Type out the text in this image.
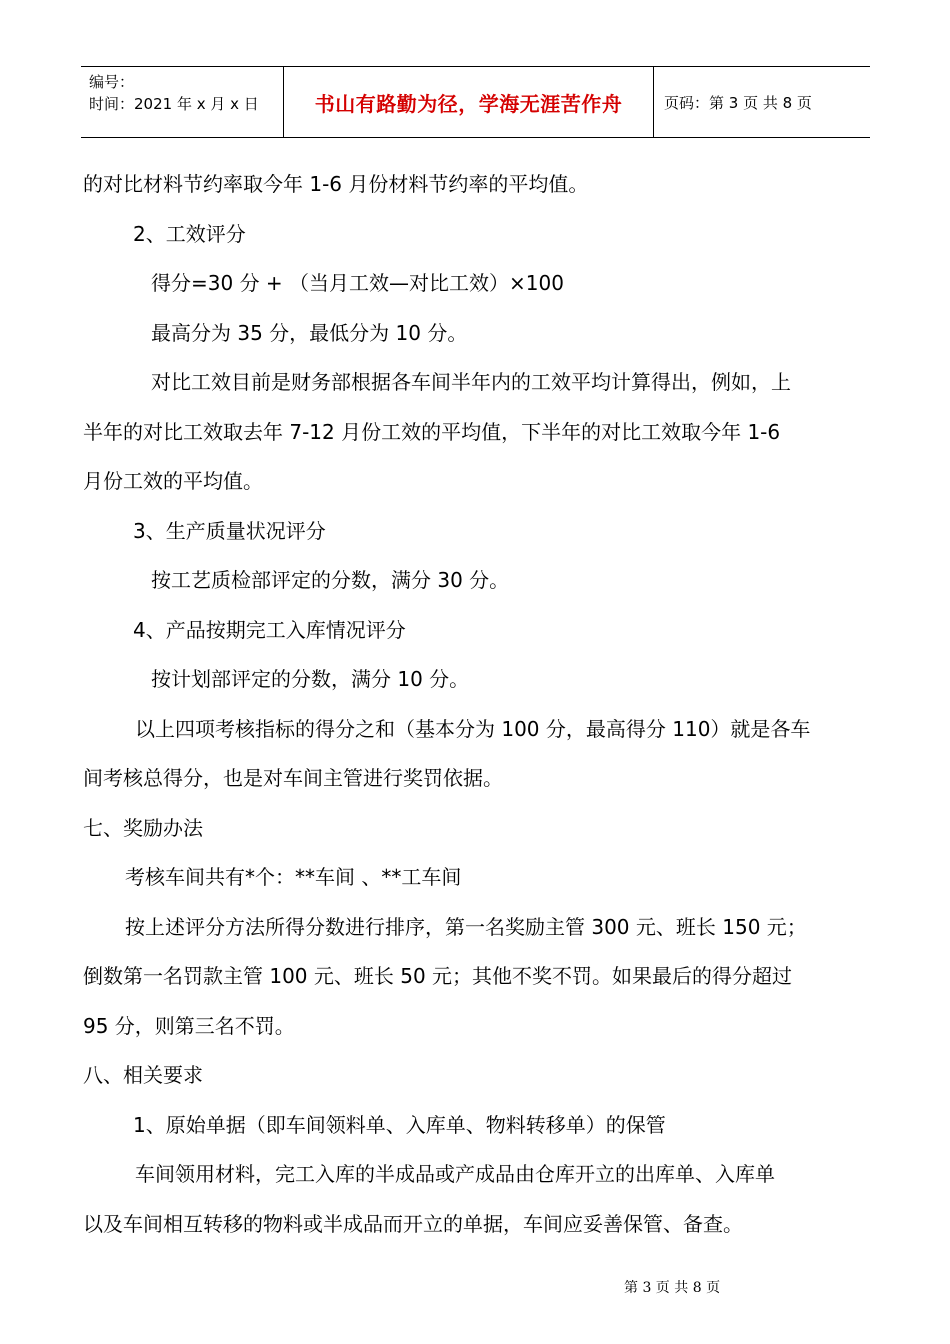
编号：
时间：2021 年 x 月 x 日	书山有路勤为径，学海无涯苦作舟	页码：第 3 页 共 8 页
的对比材料节约率取今年 1-6 月份材料节约率的平均值。
2、工效评分
得分=30 分 + （当月工效—对比工效）×100
最高分为 35 分，最低分为 10 分。
对比工效目前是财务部根据各车间半年内的工效平均计算得出，例如，上
半年的对比工效取去年 7-12 月份工效的平均值，下半年的对比工效取今年 1-6
月份工效的平均值。
3、生产质量状况评分
按工艺质检部评定的分数，满分 30 分。
4、产品按期完工入库情况评分
按计划部评定的分数，满分 10 分。
以上四项考核指标的得分之和（基本分为 100 分，最高得分 110）就是各车
间考核总得分，也是对车间主管进行奖罚依据。
七、奖励办法
考核车间共有*个：**车间 、**工车间
按上述评分方法所得分数进行排序，第一名奖励主管 300 元、班长 150 元；
倒数第一名罚款主管 100 元、班长 50 元；其他不奖不罚。如果最后的得分超过
95 分，则第三名不罚。
八、相关要求
1、原始单据（即车间领料单、入库单、物料转移单）的保管
车间领用材料，完工入库的半成品或产成品由仓库开立的出库单、入库单
以及车间相互转移的物料或半成品而开立的单据，车间应妥善保管、备查。
第 3 页 共 8 页
